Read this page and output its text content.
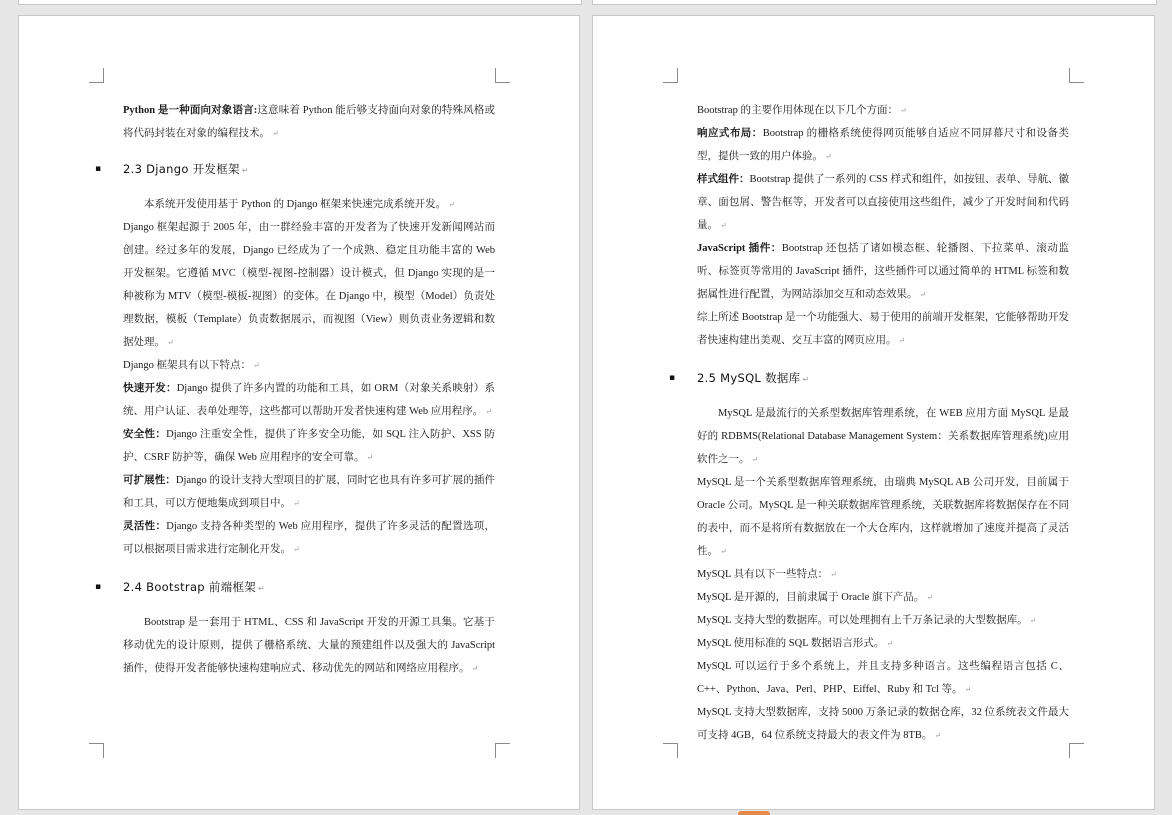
Python 是一种面向对象语言:这意味着 Python 能后够支持面向对象的特殊风格或将代码封装在对象的编程技术。 ↵

▪ 2.3 Django 开发框架 ↵

本系统开发使用基于 Python 的 Django 框架来快速完成系统开发。 ↵

Django 框架起源于 2005 年，由一群经验丰富的开发者为了快速开发新闻网站而创建。经过多年的发展，Django 已经成为了一个成熟、稳定且功能丰富的 Web 开发框架。它遵循 MVC（模型-视图-控制器）设计模式，但 Django 实现的是一种被称为 MTV（模型-模板-视图）的变体。在 Django 中，模型（Model）负责处理数据，模板（Template）负责数据展示，而视图（View）则负责业务逻辑和数据处理。 ↵

Django 框架具有以下特点： ↵

快速开发：Django 提供了许多内置的功能和工具，如 ORM（对象关系映射）系统、用户认证、表单处理等，这些都可以帮助开发者快速构建 Web 应用程序。 ↵

安全性：Django 注重安全性，提供了许多安全功能，如 SQL 注入防护、XSS 防护、CSRF 防护等，确保 Web 应用程序的安全可靠。 ↵

可扩展性：Django 的设计支持大型项目的扩展，同时它也具有许多可扩展的插件和工具，可以方便地集成到项目中。 ↵

灵活性：Django 支持各种类型的 Web 应用程序，提供了许多灵活的配置选项，可以根据项目需求进行定制化开发。 ↵

▪ 2.4 Bootstrap 前端框架 ↵

Bootstrap 是一套用于 HTML、CSS 和 JavaScript 开发的开源工具集。它基于移动优先的设计原则，提供了栅格系统、大量的预建组件以及强大的 JavaScript 插件，使得开发者能够快速构建响应式、移动优先的网站和网络应用程序。 ↵

Bootstrap 的主要作用体现在以下几个方面： ↵

响应式布局：Bootstrap 的栅格系统使得网页能够自适应不同屏幕尺寸和设备类型，提供一致的用户体验。 ↵

样式组件：Bootstrap 提供了一系列的 CSS 样式和组件，如按钮、表单、导航、徽章、面包屑、警告框等，开发者可以直接使用这些组件，减少了开发时间和代码量。 ↵

JavaScript 插件：Bootstrap 还包括了诸如模态框、轮播图、下拉菜单、滚动监听、标签页等常用的 JavaScript 插件，这些插件可以通过简单的 HTML 标签和数据属性进行配置，为网站添加交互和动态效果。 ↵

综上所述 Bootstrap 是一个功能强大、易于使用的前端开发框架，它能够帮助开发者快速构建出美观、交互丰富的网页应用。 ↵

▪ 2.5 MySQL 数据库 ↵

MySQL 是最流行的关系型数据库管理系统，在 WEB 应用方面 MySQL 是最好的 RDBMS(Relational Database Management System：关系数据库管理系统)应用软件之一。 ↵

MySQL 是一个关系型数据库管理系统，由瑞典 MySQL AB 公司开发，目前属于 Oracle 公司。MySQL 是一种关联数据库管理系统，关联数据库将数据保存在不同的表中，而不是将所有数据放在一个大仓库内，这样就增加了速度并提高了灵活性。 ↵

MySQL 具有以下一些特点： ↵

MySQL 是开源的，目前隶属于 Oracle 旗下产品。 ↵

MySQL 支持大型的数据库。可以处理拥有上千万条记录的大型数据库。 ↵

MySQL 使用标准的 SQL 数据语言形式。 ↵

MySQL 可以运行于多个系统上，并且支持多种语言。这些编程语言包括 C、C++、Python、Java、Perl、PHP、Eiffel、Ruby 和 Tcl 等。 ↵

MySQL 支持大型数据库，支持 5000 万条记录的数据仓库，32 位系统表文件最大可支持 4GB，64 位系统支持最大的表文件为 8TB。 ↵
